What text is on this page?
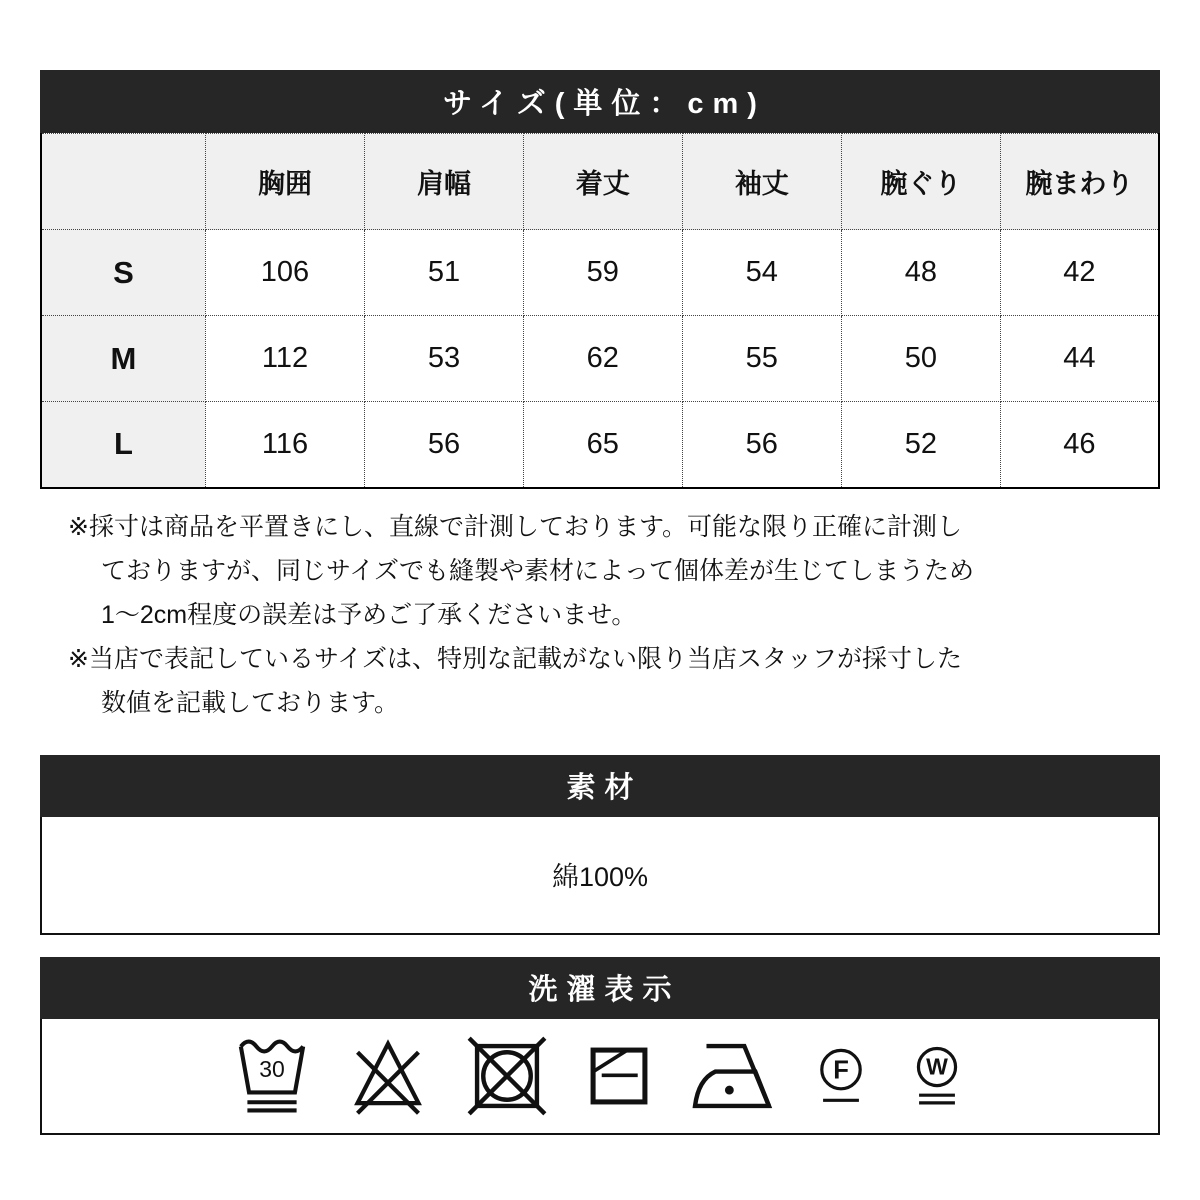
サイズ(単位：cm)
	胸囲	肩幅	着丈	袖丈	腕ぐり	腕まわり
S	106	51	59	54	48	42
M	112	53	62	55	50	44
L	116	56	65	56	52	46
※採寸は商品を平置きにし、直線で計測しております。可能な限り正確に計測し
ておりますが、同じサイズでも縫製や素材によって個体差が生じてしまうため
1～2cm程度の誤差は予めご了承くださいませ。
※当店で表記しているサイズは、特別な記載がない限り当店スタッフが採寸した
数値を記載しております。
素材
綿100%
洗濯表示
30	F W
